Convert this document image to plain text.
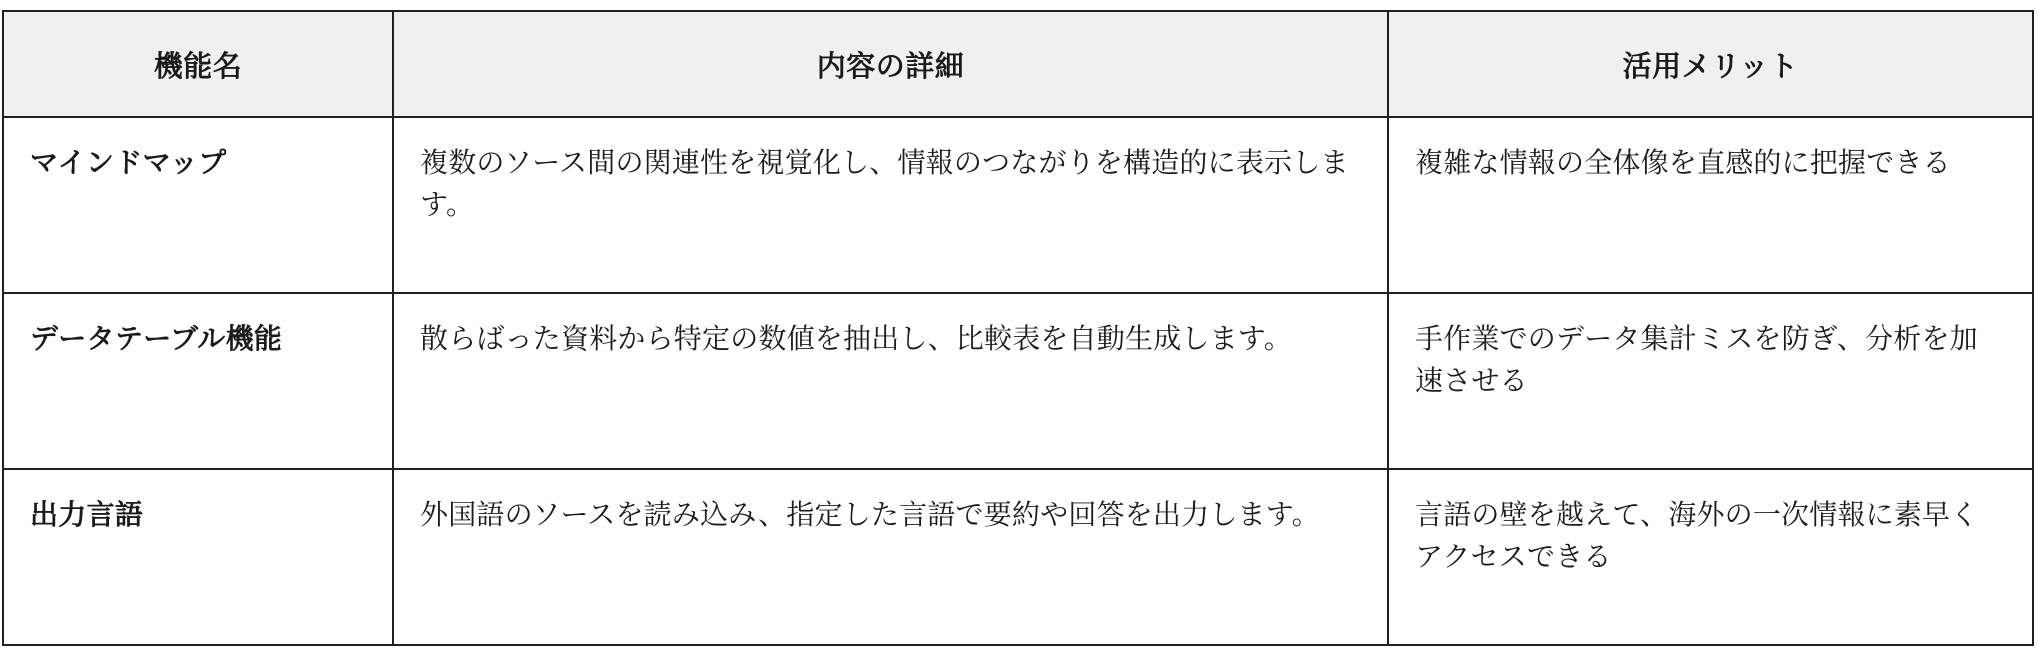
機能名	内容の詳細	活用メリット

マインドマップ	複数のソース間の関連性を視覚化し、情報のつながりを構造的に表示します。	複雑な情報の全体像を直感的に把握できる

データテーブル機能	散らばった資料から特定の数値を抽出し、比較表を自動生成します。	手作業でのデータ集計ミスを防ぎ、分析を加速させる

出力言語	外国語のソースを読み込み、指定した言語で要約や回答を出力します。	言語の壁を越えて、海外の一次情報に素早くアクセスできる
